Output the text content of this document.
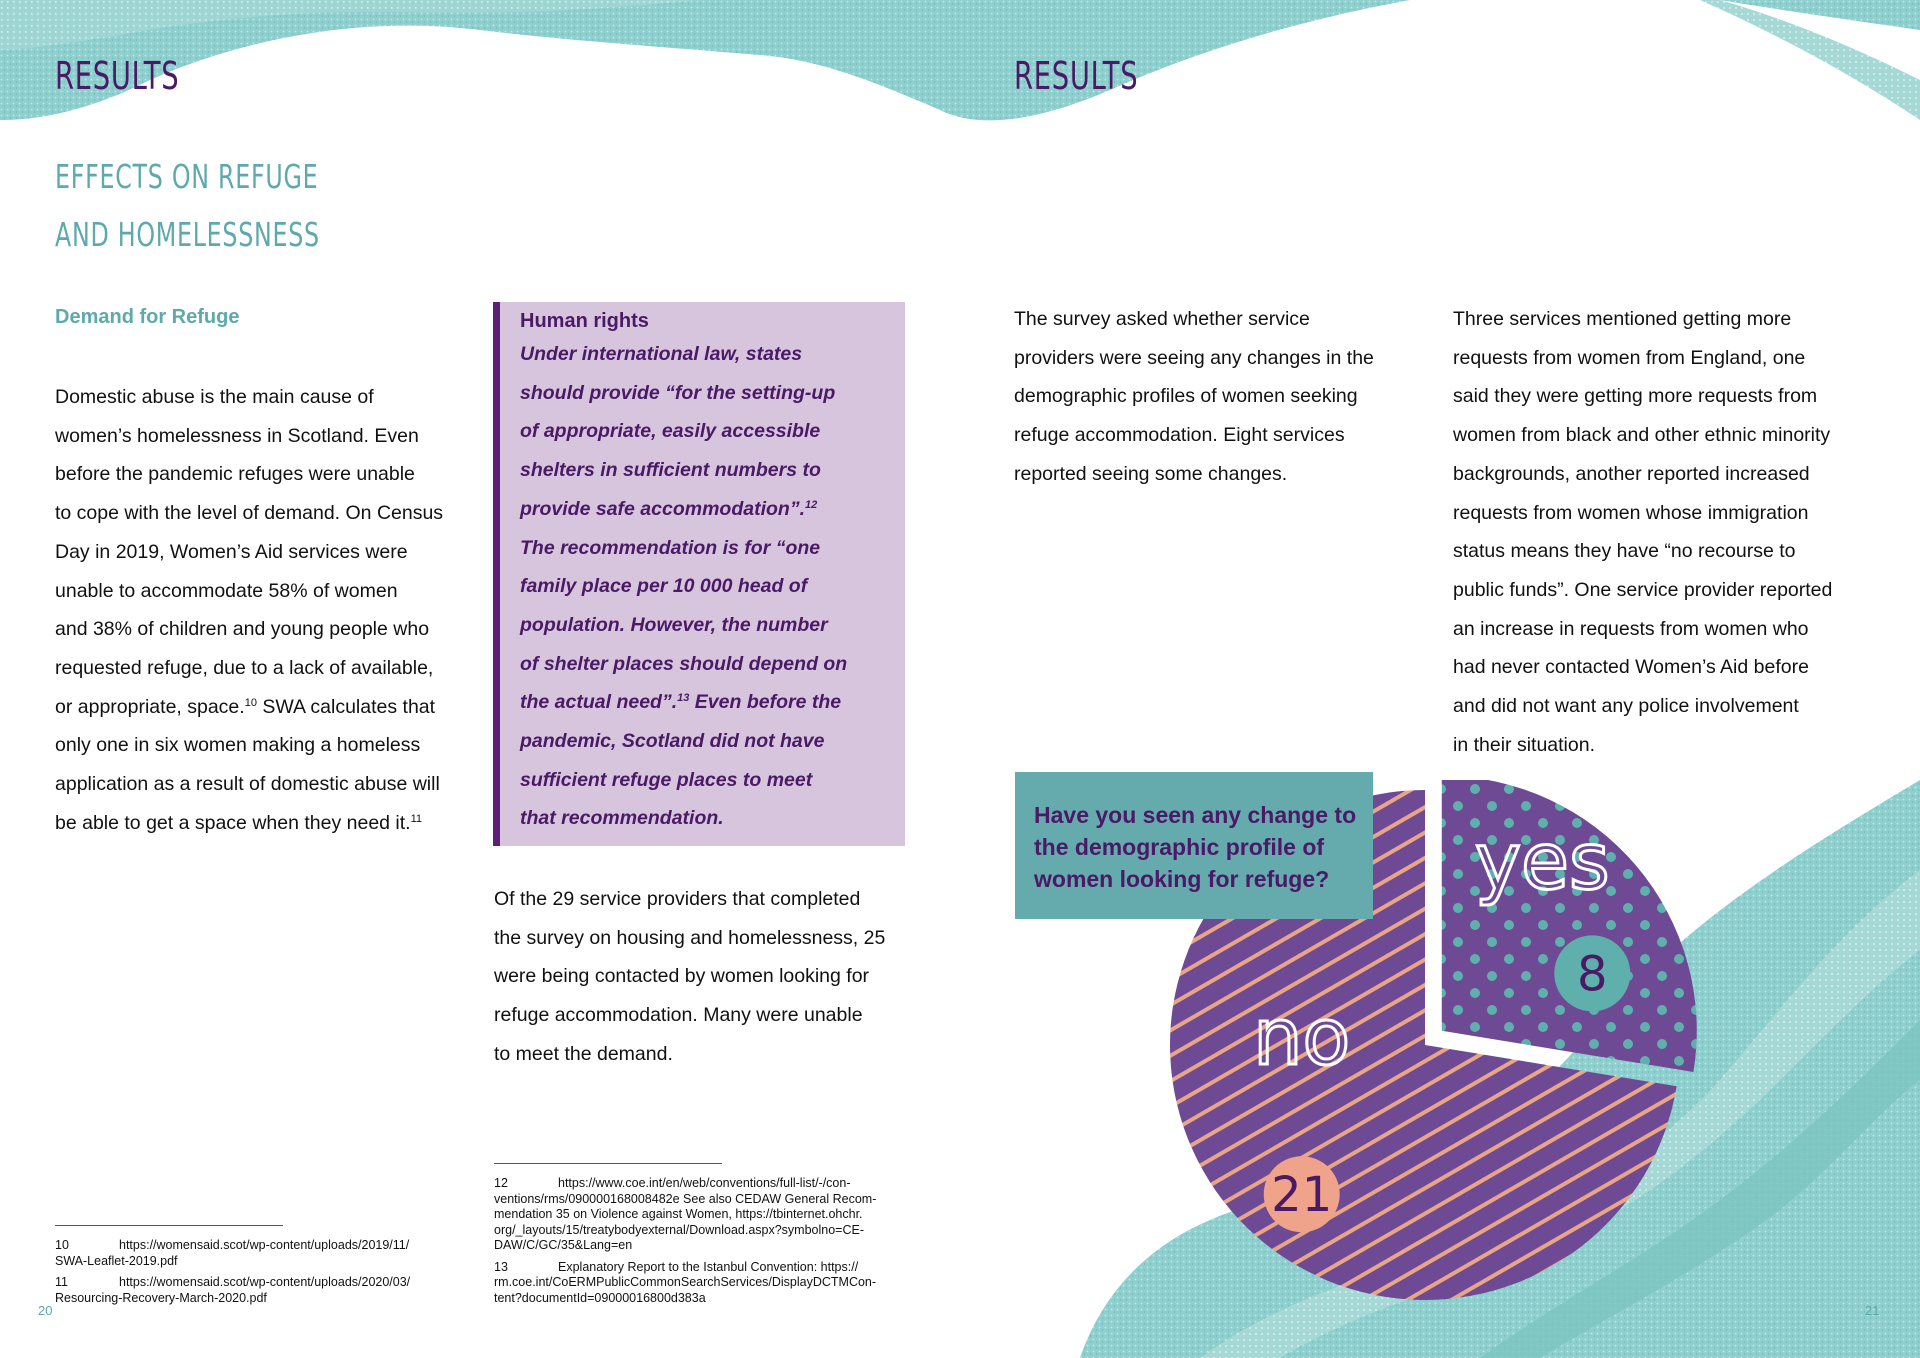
RESULTS
EFFECTS ON REFUGE
AND HOMELESSNESS
Demand for Refuge
Domestic abuse is the main cause of
women’s homelessness in Scotland. Even
before the pandemic refuges were unable
to cope with the level of demand. On Census
Day in 2019, Women’s Aid services were
unable to accommodate 58% of women
and 38% of children and young people who
requested refuge, due to a lack of available,
or appropriate, space.$^{10}$ SWA calculates that
only one in six women making a homeless
application as a result of domestic abuse will
be able to get a space when they need it.$^{11}$
Human rights
Under international law, states
should provide “for the setting-up
of appropriate, easily accessible
shelters in sufficient numbers to
provide safe accommodation”.$^{12}$
The recommendation is for “one
family place per 10 000 head of
population. However, the number
of shelter places should depend on
the actual need”.$^{13}$ Even before the
pandemic, Scotland did not have
sufficient refuge places to meet
that recommendation.
Of the 29 service providers that completed
the survey on housing and homelessness, 25
were being contacted by women looking for
refuge accommodation. Many were unable
to meet the demand.
10	https://womensaid.scot/wp-content/uploads/2019/11/
SWA-Leaflet-2019.pdf
11	https://womensaid.scot/wp-content/uploads/2020/03/
Resourcing-Recovery-March-2020.pdf
12	https://www.coe.int/en/web/conventions/full-list/-/con-
ventions/rms/090000168008482e See also CEDAW General Recom-
mendation 35 on Violence against Women, https://tbinternet.ohchr.
org/_layouts/15/treatybodyexternal/Download.aspx?symbolno=CE-
DAW/C/GC/35&Lang=en
13	Explanatory Report to the Istanbul Convention: https://
rm.coe.int/CoERMPublicCommonSearchServices/DisplayDCTMCon-
tent?documentId=09000016800d383a
20
RESULTS
The survey asked whether service
providers were seeing any changes in the
demographic profiles of women seeking
refuge accommodation. Eight services
reported seeing some changes.
Three services mentioned getting more
requests from women from England, one
said they were getting more requests from
women from black and other ethnic minority
backgrounds, another reported increased
requests from women whose immigration
status means they have “no recourse to
public funds”. One service provider reported
an increase in requests from women who
had never contacted Women’s Aid before
and did not want any police involvement
in their situation.
yes
8
no
21
Have you seen any change to
the demographic profile of
women looking for refuge?
21
